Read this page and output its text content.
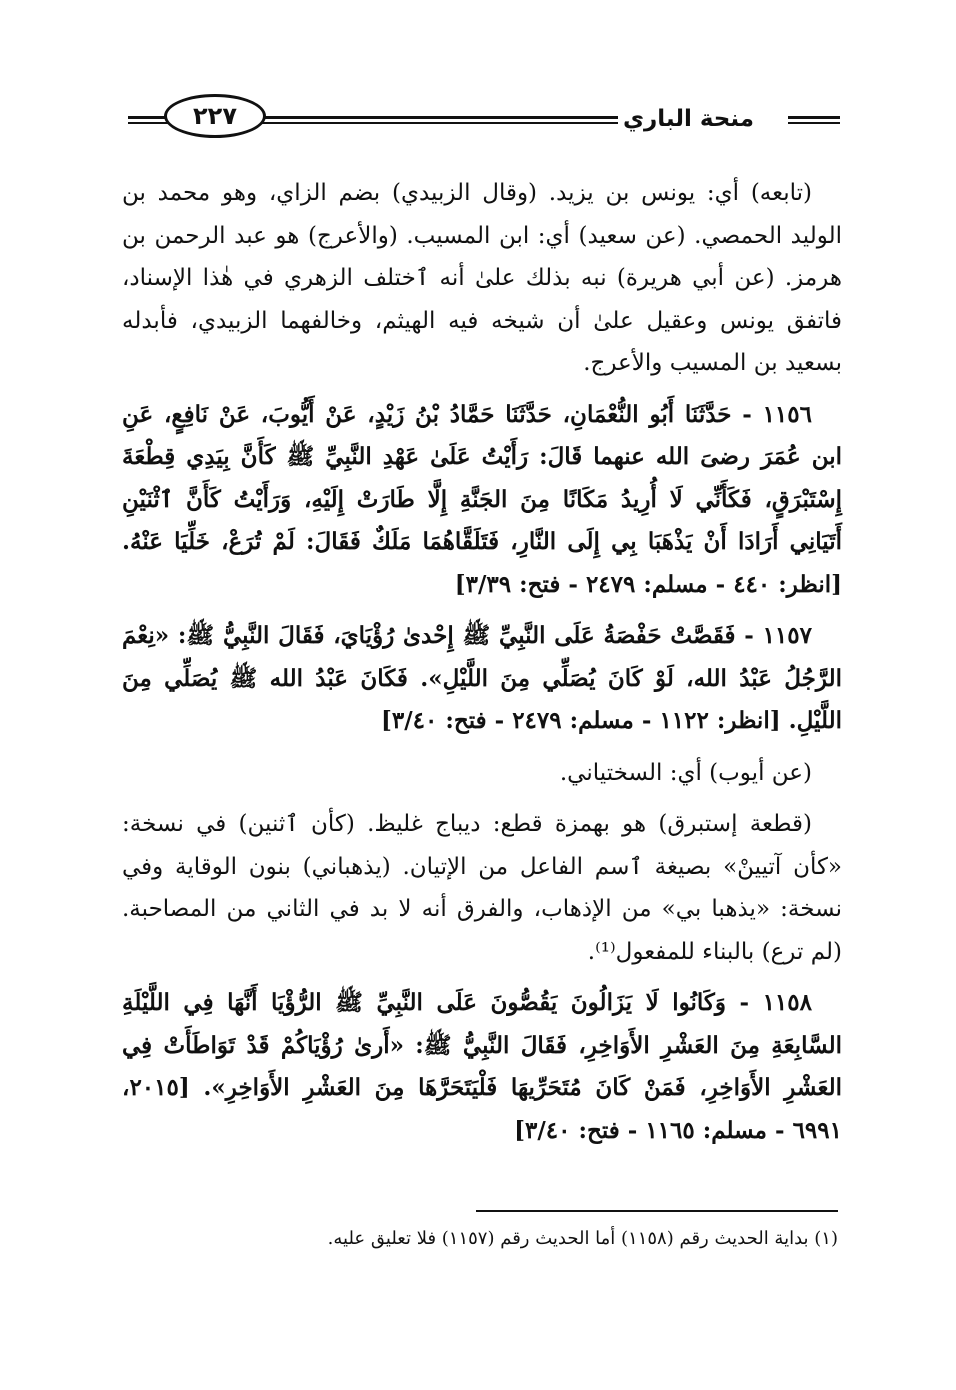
منحة الباري
٢٢٧

(تابعه) أي: يونس بن يزيد. (وقال الزبيدي) بضم الزاي، وهو محمد بن الوليد الحمصي. (عن سعيد) أي: ابن المسيب. (والأعرج) هو عبد الرحمن بن هرمز. (عن أبي هريرة) نبه بذلك علىٰ أنه ٱختلف الزهري في هٰذا الإسناد، فاتفق يونس وعقيل علىٰ أن شيخه فيه الهيثم، وخالفهما الزبيدي، فأبدله بسعيد بن المسيب والأعرج.

١١٥٦ - حَدَّثَنَا أَبُو النُّعْمَانِ، حَدَّثَنَا حَمَّادُ بْنُ زَيْدٍ، عَنْ أَيُّوبَ، عَنْ نَافِعٍ، عَنِ ابن عُمَرَ رضىَ الله عنهما قَالَ: رَأَيْتُ عَلَىٰ عَهْدِ النَّبِيِّ ﷺ كَأَنَّ بِيَدِي قِطْعَةَ إِسْتَبْرَقٍ، فَكَأَنِّي لَا أُرِيدُ مَكَانًا مِنَ الجَنَّةِ إِلَّا طَارَتْ إِلَيْهِ، وَرَأَيْتُ كَأَنَّ ٱثْنَيْنِ أَتَيَانِي أَرَادَا أَنْ يَذْهَبَا بِي إِلَى النَّارِ، فَتَلَقَّاهُمَا مَلَكٌ فَقَالَ: لَمْ تُرَعْ، خَلِّيَا عَنْهُ. [انظر: ٤٤٠ - مسلم: ٢٤٧٩ - فتح: ٣/٣٩]

١١٥٧ - فَقَصَّتْ حَفْصَةُ عَلَى النَّبِيِّ ﷺ إِحْدىٰ رُؤْيَايَ، فَقَالَ النَّبِيُّ ﷺ: «نِعْمَ الرَّجُلُ عَبْدُ الله، لَوْ كَانَ يُصَلِّي مِنَ اللَّيْلِ». فَكَانَ عَبْدُ الله ﷺ يُصَلِّي مِنَ اللَّيْلِ. [انظر: ١١٢٢ - مسلم: ٢٤٧٩ - فتح: ٣/٤٠]

(عن أيوب) أي: السختياني.

(قطعة إستبرق) هو بهمزة قطع: ديباج غليظ. (كأن ٱثنين) في نسخة: «كأن آتيينْ» بصيغة ٱسم الفاعل من الإتيان. (يذهباني) بنون الوقاية وفي نسخة: «يذهبا بي» من الإذهاب، والفرق أنه لا بد في الثاني من المصاحبة. (لم ترع) بالبناء للمفعول⁽¹⁾.

١١٥٨ - وَكَانُوا لَا يَزَالُونَ يَقُصُّونَ عَلَى النَّبِيِّ ﷺ الرُّؤْيَا أَنَّهَا فِي اللَّيْلَةِ السَّابِعَةِ مِنَ العَشْرِ الأَوَاخِرِ، فَقَالَ النَّبِيُّ ﷺ: «أَرىٰ رُؤْيَاكُمْ قَدْ تَوَاطَأَتْ فِي العَشْرِ الأَوَاخِرِ، فَمَنْ كَانَ مُتَحَرِّيهَا فَلْيَتَحَرَّهَا مِنَ العَشْرِ الأَوَاخِرِ». [٢٠١٥، ٦٩٩١ - مسلم: ١١٦٥ - فتح: ٣/٤٠]

(١) بداية الحديث رقم (١١٥٨) أما الحديث رقم (١١٥٧) فلا تعليق عليه.
